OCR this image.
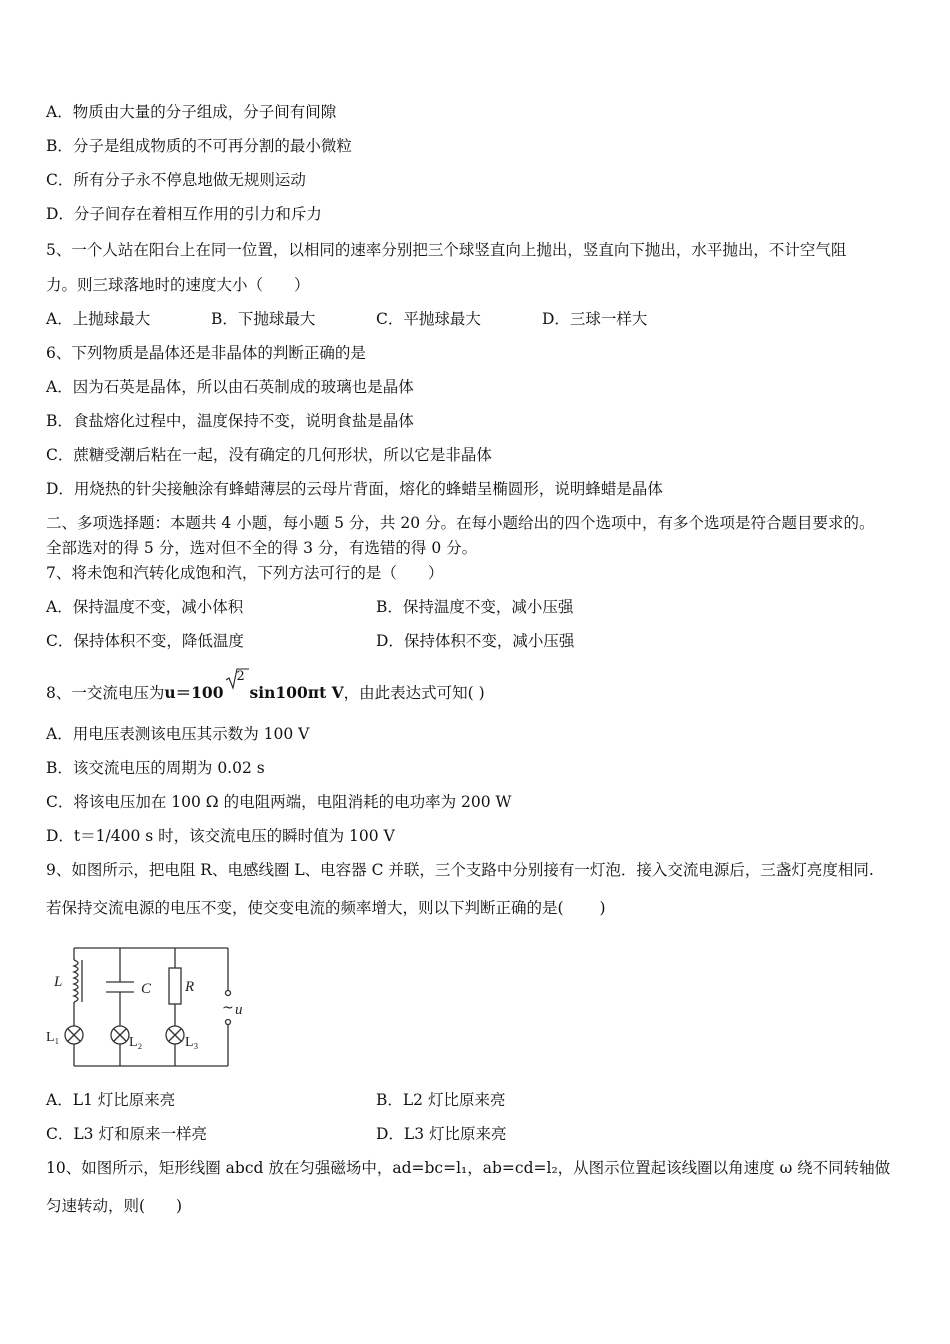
A．物质由大量的分子组成，分子间有间隙
B．分子是组成物质的不可再分割的最小微粒
C．所有分子永不停息地做无规则运动
D．分子间存在着相互作用的引力和斥力
5、一个人站在阳台上在同一位置，以相同的速率分别把三个球竖直向上抛出，竖直向下抛出，水平抛出，不计空气阻
力。则三球落地时的速度大小（　　）
A．上抛球最大	B．下抛球最大	C．平抛球最大	D．三球一样大
6、下列物质是晶体还是非晶体的判断正确的是
A．因为石英是晶体，所以由石英制成的玻璃也是晶体
B．食盐熔化过程中，温度保持不变，说明食盐是晶体
C．蔗糖受潮后粘在一起，没有确定的几何形状，所以它是非晶体
D．用烧热的针尖接触涂有蜂蜡薄层的云母片背面，熔化的蜂蜡呈椭圆形，说明蜂蜡是晶体
二、多项选择题：本题共 4 小题，每小题 5 分，共 20 分。在每小题给出的四个选项中，有多个选项是符合题目要求的。
全部选对的得 5 分，选对但不全的得 3 分，有选错的得 0 分。
7、将未饱和汽转化成饱和汽，下列方法可行的是（　　）
A．保持温度不变，减小体积	B．保持温度不变，减小压强
C．保持体积不变，降低温度	D．保持体积不变，减小压强
8、一交流电压为u＝100
2
sin100πt V，由此表达式可知( )
A．用电压表测该电压其示数为 100 V
B．该交流电压的周期为 0.02 s
C．将该电压加在 100 Ω 的电阻两端，电阻消耗的电功率为 200 W
D．t＝1/400 s 时，该交流电压的瞬时值为 100 V
9、如图所示，把电阻 R、电感线圈 L、电容器 C 并联，三个支路中分别接有一灯泡．接入交流电源后，三盏灯亮度相同.
若保持交流电源的电压不变，使交变电流的频率增大，则以下判断正确的是(　　 )
L	C R
u
~
L₁	L₂	L₃
A．L1 灯比原来亮	B．L2 灯比原来亮
C．L3 灯和原来一样亮	D．L3 灯比原来亮
10、如图所示，矩形线圈 abcd 放在匀强磁场中，ad=bc=l₁，ab=cd=l₂，从图示位置起该线圈以角速度 ω 绕不同转轴做
匀速转动，则(　　)
